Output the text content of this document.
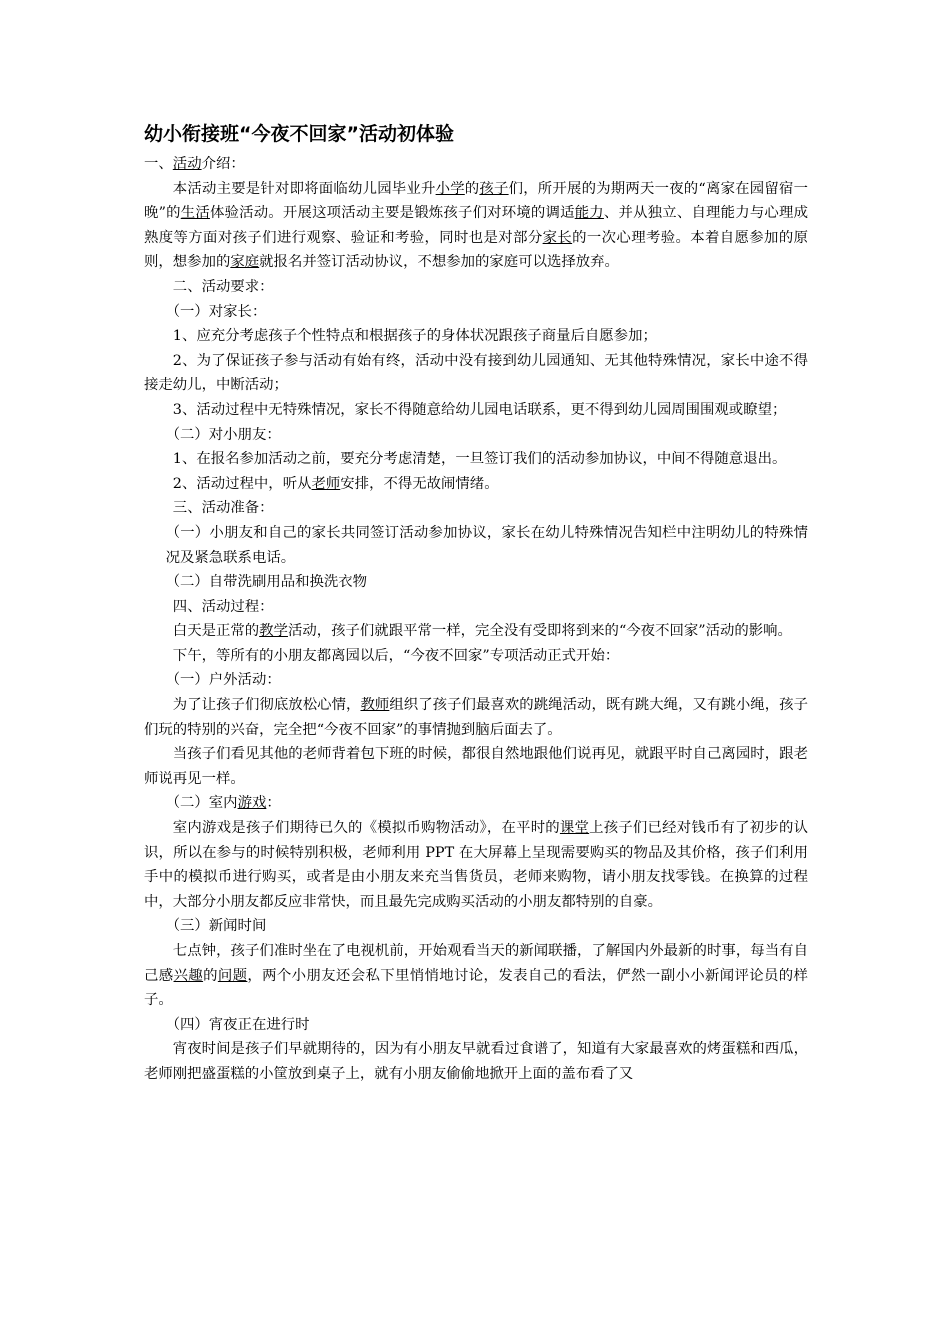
幼小衔接班“今夜不回家”活动初体验

一、活动介绍：

本活动主要是针对即将面临幼儿园毕业升小学的孩子们，所开展的为期两天一夜的“离家在园留宿一晚”的生活体验活动。开展这项活动主要是锻炼孩子们对环境的调适能力、并从独立、自理能力与心理成熟度等方面对孩子们进行观察、验证和考验，同时也是对部分家长的一次心理考验。本着自愿参加的原则，想参加的家庭就报名并签订活动协议，不想参加的家庭可以选择放弃。

二、活动要求：

（一）对家长：

1、应充分考虑孩子个性特点和根据孩子的身体状况跟孩子商量后自愿参加；

2、为了保证孩子参与活动有始有终，活动中没有接到幼儿园通知、无其他特殊情况，家长中途不得接走幼儿，中断活动；

3、活动过程中无特殊情况，家长不得随意给幼儿园电话联系，更不得到幼儿园周围围观或瞭望；

（二）对小朋友：

1、在报名参加活动之前，要充分考虑清楚，一旦签订我们的活动参加协议，中间不得随意退出。

2、活动过程中，听从老师安排，不得无故闹情绪。

三、活动准备：

（一）小朋友和自己的家长共同签订活动参加协议，家长在幼儿特殊情况告知栏中注明幼儿的特殊情况及紧急联系电话。

（二）自带洗刷用品和换洗衣物

四、活动过程：

白天是正常的教学活动，孩子们就跟平常一样，完全没有受即将到来的“今夜不回家”活动的影响。

下午，等所有的小朋友都离园以后，“今夜不回家”专项活动正式开始：

（一）户外活动：

为了让孩子们彻底放松心情，教师组织了孩子们最喜欢的跳绳活动，既有跳大绳，又有跳小绳，孩子们玩的特别的兴奋，完全把“今夜不回家”的事情抛到脑后面去了。

当孩子们看见其他的老师背着包下班的时候，都很自然地跟他们说再见，就跟平时自己离园时，跟老师说再见一样。

（二）室内游戏：

室内游戏是孩子们期待已久的《模拟币购物活动》，在平时的课堂上孩子们已经对钱币有了初步的认识，所以在参与的时候特别积极，老师利用 PPT 在大屏幕上呈现需要购买的物品及其价格，孩子们利用手中的模拟币进行购买，或者是由小朋友来充当售货员，老师来购物，请小朋友找零钱。在换算的过程中，大部分小朋友都反应非常快，而且最先完成购买活动的小朋友都特别的自豪。

（三）新闻时间

七点钟，孩子们准时坐在了电视机前，开始观看当天的新闻联播，了解国内外最新的时事，每当有自己感兴趣的问题，两个小朋友还会私下里悄悄地讨论，发表自己的看法，俨然一副小小新闻评论员的样子。

（四）宵夜正在进行时

宵夜时间是孩子们早就期待的，因为有小朋友早就看过食谱了，知道有大家最喜欢的烤蛋糕和西瓜，老师刚把盛蛋糕的小筐放到桌子上，就有小朋友偷偷地掀开上面的盖布看了又
